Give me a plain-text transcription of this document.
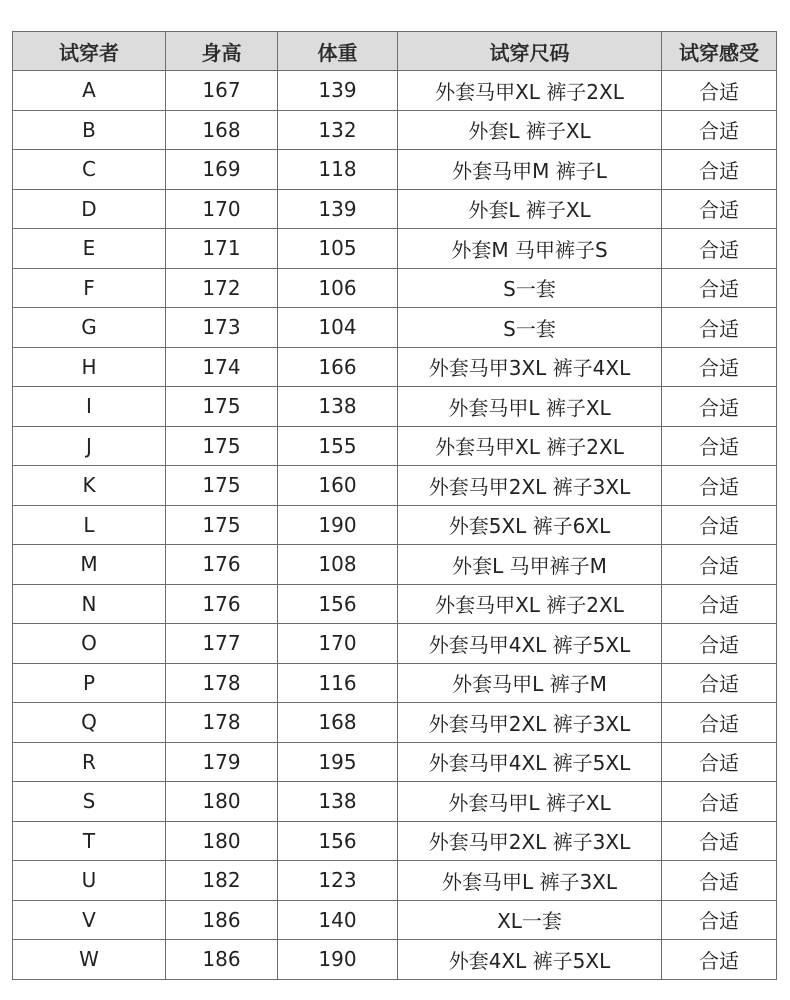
试穿者	身高	体重	试穿尺码	试穿感受
A	167	139	外套马甲XL 裤子2XL	合适
B	168	132	外套L 裤子XL	合适
C	169	118	外套马甲M 裤子L	合适
D	170	139	外套L 裤子XL	合适
E	171	105	外套M 马甲裤子S	合适
F	172	106	S一套	合适
G	173	104	S一套	合适
H	174	166	外套马甲3XL 裤子4XL	合适
I	175	138	外套马甲L 裤子XL	合适
J	175	155	外套马甲XL 裤子2XL	合适
K	175	160	外套马甲2XL 裤子3XL	合适
L	175	190	外套5XL 裤子6XL	合适
M	176	108	外套L 马甲裤子M	合适
N	176	156	外套马甲XL 裤子2XL	合适
O	177	170	外套马甲4XL 裤子5XL	合适
P	178	116	外套马甲L 裤子M	合适
Q	178	168	外套马甲2XL 裤子3XL	合适
R	179	195	外套马甲4XL 裤子5XL	合适
S	180	138	外套马甲L 裤子XL	合适
T	180	156	外套马甲2XL 裤子3XL	合适
U	182	123	外套马甲L 裤子3XL	合适
V	186	140	XL一套	合适
W	186	190	外套4XL 裤子5XL	合适
